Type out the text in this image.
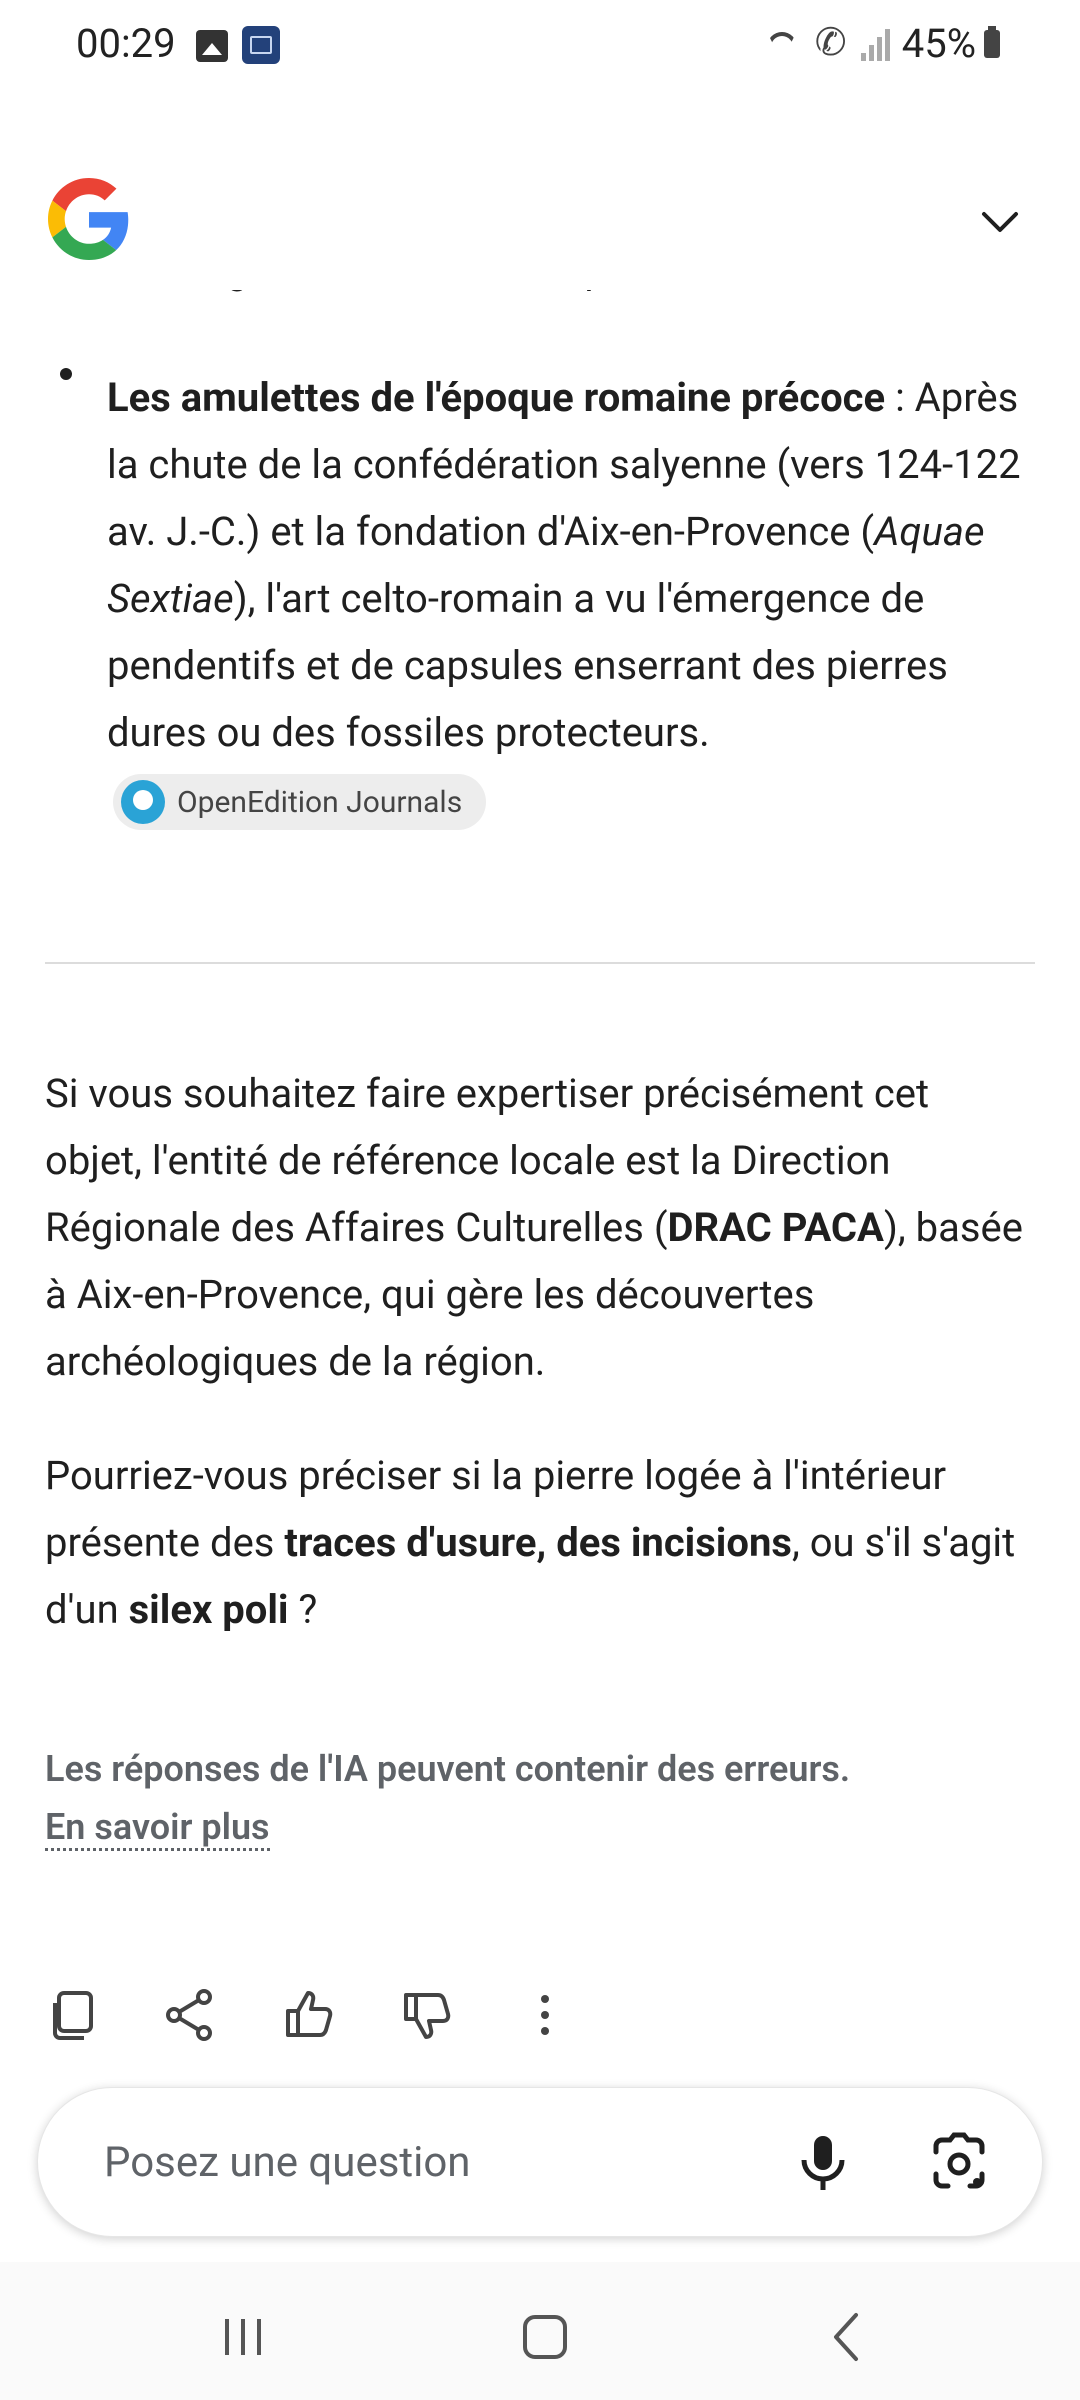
00:29
✆	45%

Les amulettes de l'époque romaine précoce : Après la chute de la confédération salyenne (vers 124-122 av. J.-C.) et la fondation d'Aix-en-Provence (Aquae Sextiae), l'art celto-romain a vu l'émergence de pendentifs et de capsules enserrant des pierres dures ou des fossiles protecteurs.
OpenEdition Journals

Si vous souhaitez faire expertiser précisément cet objet, l'entité de référence locale est la Direction Régionale des Affaires Culturelles (DRAC PACA), basée à Aix-en-Provence, qui gère les découvertes archéologiques de la région.

Pourriez-vous préciser si la pierre logée à l'intérieur présente des traces d'usure, des incisions, ou s'il s'agit d'un silex poli ?

Les réponses de l'IA peuvent contenir des erreurs.
En savoir plus

Posez une question
